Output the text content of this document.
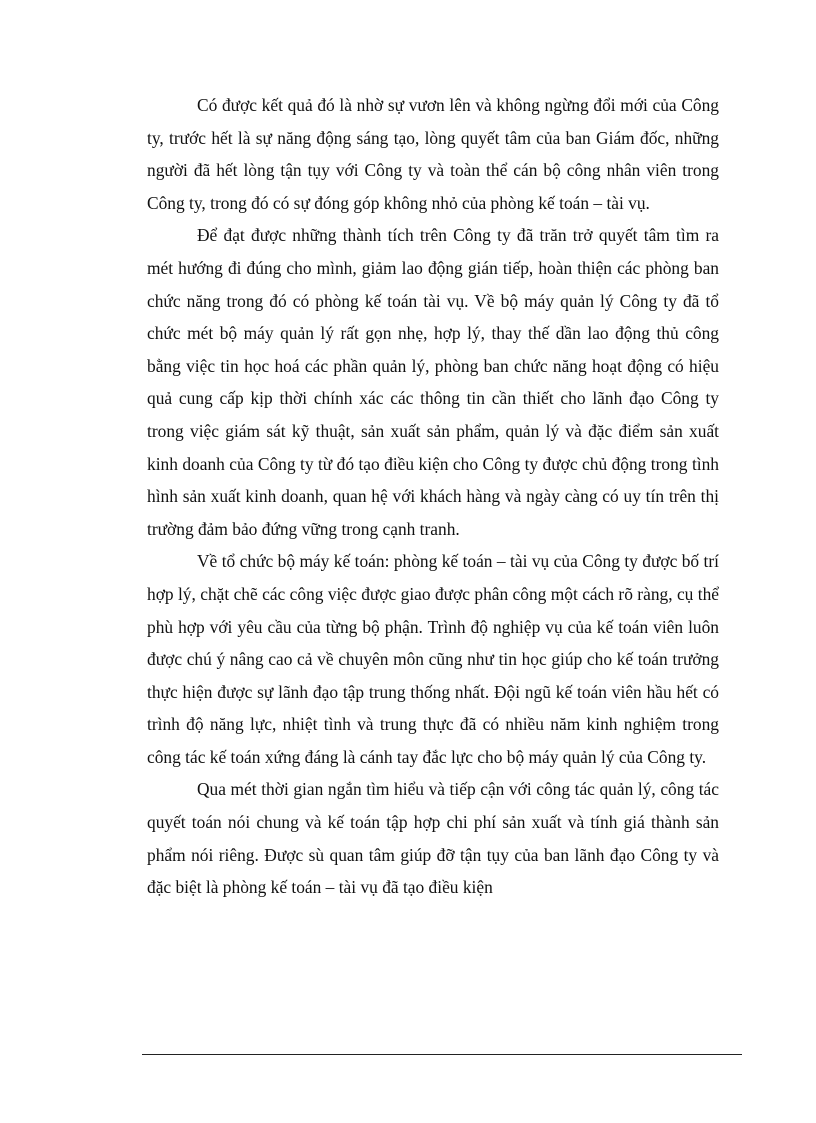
Có được kết quả đó là nhờ sự vươn lên và không ngừng đổi mới của Công ty, trước hết là sự năng động sáng tạo, lòng quyết tâm của ban Giám đốc, những người đã hết lòng tận tụy với Công ty và toàn thể cán bộ công nhân viên trong Công ty, trong đó có sự đóng góp không nhỏ của phòng kế toán – tài vụ.

Để đạt được những thành tích trên Công ty đã trăn trở quyết tâm tìm ra mét hướng đi đúng cho mình, giảm lao động gián tiếp, hoàn thiện các phòng ban chức năng trong đó có phòng kế toán tài vụ. Về bộ máy quản lý Công ty đã tổ chức mét bộ máy quản lý rất gọn nhẹ, hợp lý, thay thế dần lao động thủ công bằng việc tin học hoá các phần quản lý, phòng ban chức năng hoạt động có hiệu quả cung cấp kịp thời chính xác các thông tin cần thiết cho lãnh đạo Công ty trong việc giám sát kỹ thuật, sản xuất sản phẩm, quản lý và đặc điểm sản xuất kinh doanh của Công ty từ đó tạo điều kiện cho Công ty được chủ động trong tình hình sản xuất kinh doanh, quan hệ với khách hàng và ngày càng có uy tín trên thị trường đảm bảo đứng vững trong cạnh tranh.

Về tổ chức bộ máy kế toán: phòng kế toán – tài vụ của Công ty được bố trí hợp lý, chặt chẽ các công việc được giao được phân công một cách rõ ràng, cụ thể phù hợp với yêu cầu của từng bộ phận. Trình độ nghiệp vụ của kế toán viên luôn được chú ý nâng cao cả về chuyên môn cũng như tin học giúp cho kế toán trưởng thực hiện được sự lãnh đạo tập trung thống nhất. Đội ngũ kế toán viên hầu hết có trình độ năng lực, nhiệt tình và trung thực đã có nhiều năm kinh nghiệm trong công tác kế toán xứng đáng là cánh tay đắc lực cho bộ máy quản lý của Công ty.

Qua mét thời gian ngắn tìm hiểu và tiếp cận với công tác quản lý, công tác quyết toán nói chung và kế toán tập hợp chi phí sản xuất và tính giá thành sản phẩm nói riêng. Được sù quan tâm giúp đỡ tận tụy của ban lãnh đạo Công ty và đặc biệt là phòng kế toán – tài vụ đã tạo điều kiện
